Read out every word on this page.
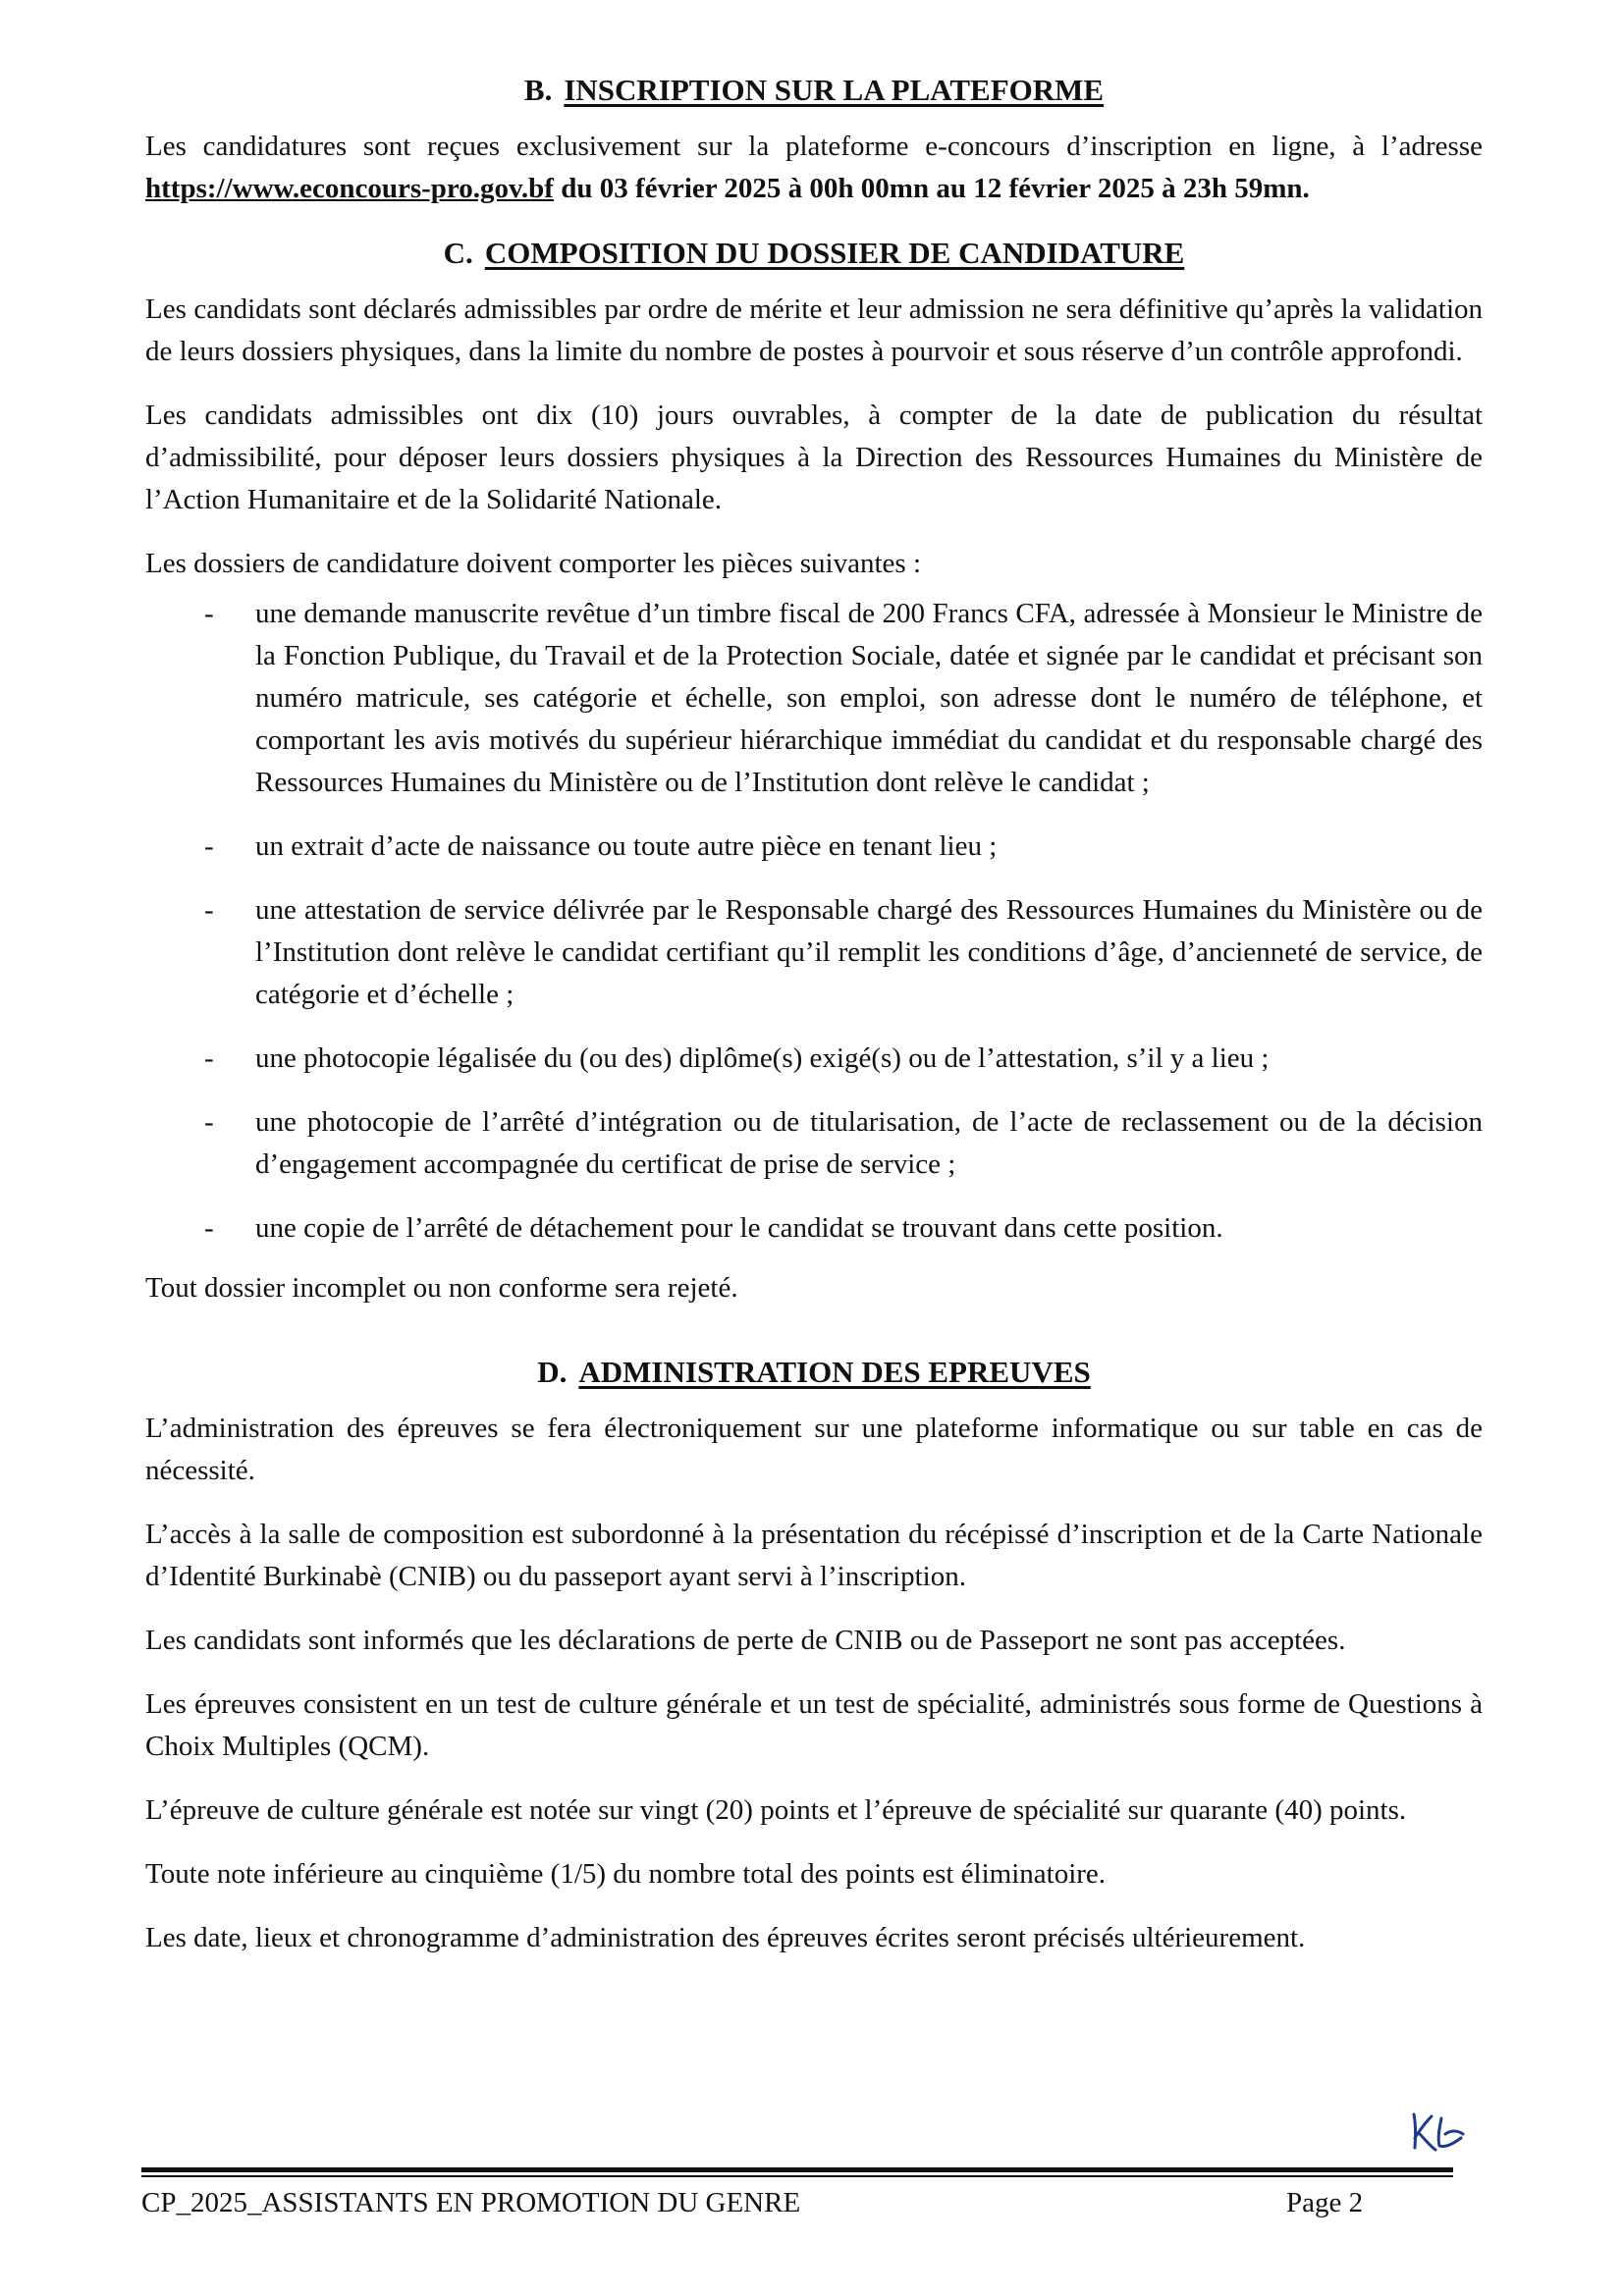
B. INSCRIPTION SUR LA PLATEFORME

Les candidatures sont reçues exclusivement sur la plateforme e-concours d’inscription en ligne, à l’adresse https://www.econcours-pro.gov.bf du 03 février 2025 à 00h 00mn au 12 février 2025 à 23h 59mn.

C. COMPOSITION DU DOSSIER DE CANDIDATURE

Les candidats sont déclarés admissibles par ordre de mérite et leur admission ne sera définitive qu’après la validation de leurs dossiers physiques, dans la limite du nombre de postes à pourvoir et sous réserve d’un contrôle approfondi.

Les candidats admissibles ont dix (10) jours ouvrables, à compter de la date de publication du résultat d’admissibilité, pour déposer leurs dossiers physiques à la Direction des Ressources Humaines du Ministère de l’Action Humanitaire et de la Solidarité Nationale.

Les dossiers de candidature doivent comporter les pièces suivantes :

- une demande manuscrite revêtue d’un timbre fiscal de 200 Francs CFA, adressée à Monsieur le Ministre de la Fonction Publique, du Travail et de la Protection Sociale, datée et signée par le candidat et précisant son numéro matricule, ses catégorie et échelle, son emploi, son adresse dont le numéro de téléphone, et comportant les avis motivés du supérieur hiérarchique immédiat du candidat et du responsable chargé des Ressources Humaines du Ministère ou de l’Institution dont relève le candidat ;
- un extrait d’acte de naissance ou toute autre pièce en tenant lieu ;
- une attestation de service délivrée par le Responsable chargé des Ressources Humaines du Ministère ou de l’Institution dont relève le candidat certifiant qu’il remplit les conditions d’âge, d’ancienneté de service, de catégorie et d’échelle ;
- une photocopie légalisée du (ou des) diplôme(s) exigé(s) ou de l’attestation, s’il y a lieu ;
- une photocopie de l’arrêté d’intégration ou de titularisation, de l’acte de reclassement ou de la décision d’engagement accompagnée du certificat de prise de service ;
- une copie de l’arrêté de détachement pour le candidat se trouvant dans cette position.

Tout dossier incomplet ou non conforme sera rejeté.

D. ADMINISTRATION DES EPREUVES

L’administration des épreuves se fera électroniquement sur une plateforme informatique ou sur table en cas de nécessité.

L’accès à la salle de composition est subordonné à la présentation du récépissé d’inscription et de la Carte Nationale d’Identité Burkinabè (CNIB) ou du passeport ayant servi à l’inscription.

Les candidats sont informés que les déclarations de perte de CNIB ou de Passeport ne sont pas acceptées.

Les épreuves consistent en un test de culture générale et un test de spécialité, administrés sous forme de Questions à Choix Multiples (QCM).

L’épreuve de culture générale est notée sur vingt (20) points et l’épreuve de spécialité sur quarante (40) points.

Toute note inférieure au cinquième (1/5) du nombre total des points est éliminatoire.

Les date, lieux et chronogramme d’administration des épreuves écrites seront précisés ultérieurement.

CP_2025_ASSISTANTS EN PROMOTION DU GENRE	Page 2
